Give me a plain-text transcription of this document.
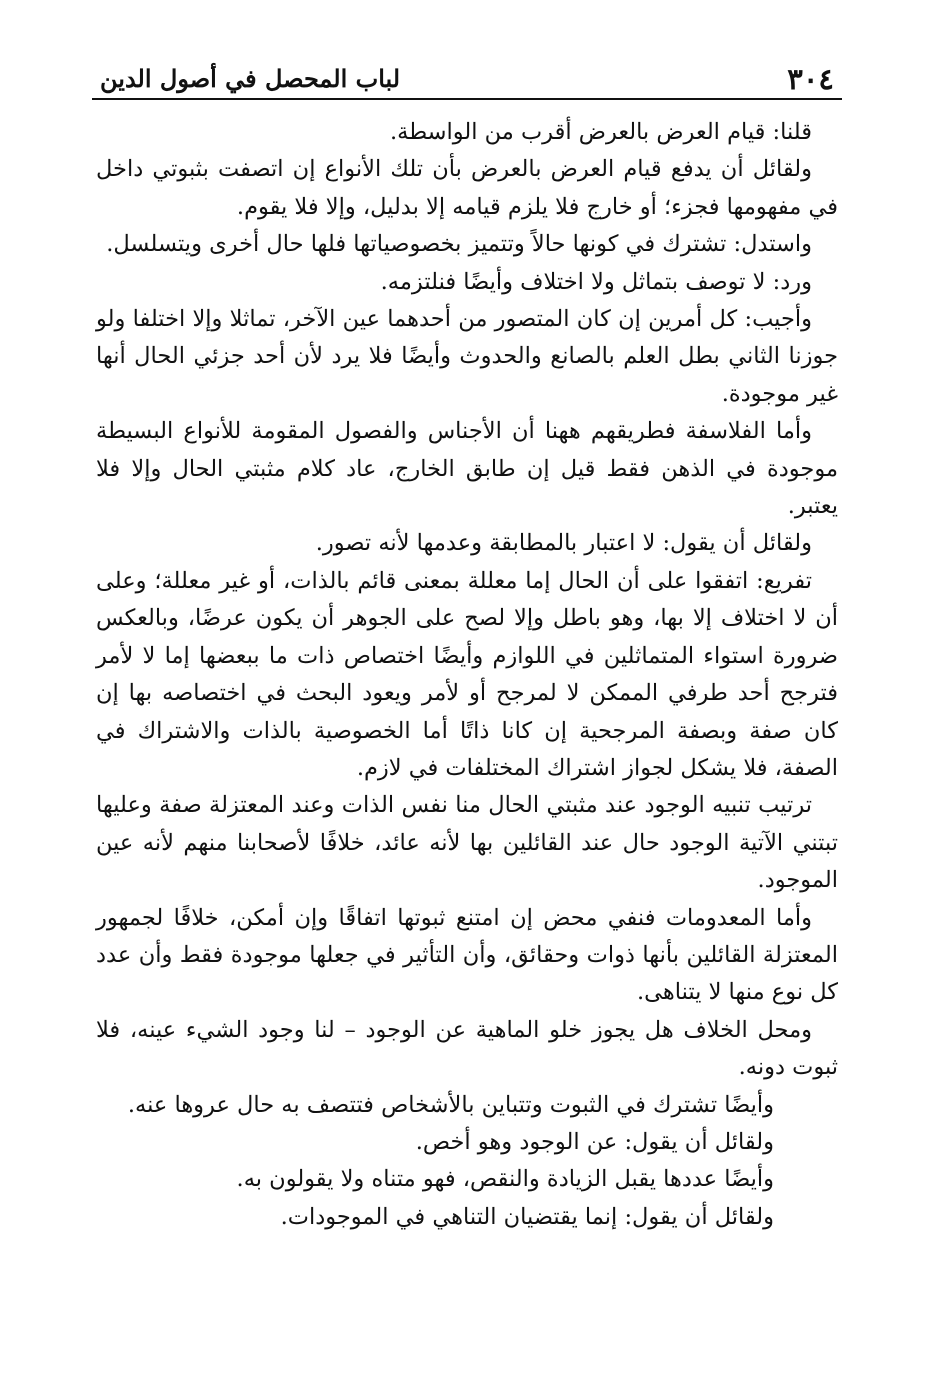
٣٠٤
لباب المحصل في أصول الدين

قلنا: قيام العرض بالعرض أقرب من الواسطة.

ولقائل أن يدفع قيام العرض بالعرض بأن تلك الأنواع إن اتصفت بثبوتي داخل في مفهومها فجزء؛ أو خارج فلا يلزم قيامه إلا بدليل، وإلا فلا يقوم.

واستدل: تشترك في كونها حالاً وتتميز بخصوصياتها فلها حال أخرى ويتسلسل.

ورد: لا توصف بتماثل ولا اختلاف وأيضًا فنلتزمه.

وأجيب: كل أمرين إن كان المتصور من أحدهما عين الآخر، تماثلا وإلا اختلفا ولو جوزنا الثاني بطل العلم بالصانع والحدوث وأيضًا فلا يرد لأن أحد جزئي الحال أنها غير موجودة.

وأما الفلاسفة فطريقهم ههنا أن الأجناس والفصول المقومة للأنواع البسيطة موجودة في الذهن فقط قيل إن طابق الخارج، عاد كلام مثبتي الحال وإلا فلا يعتبر.

ولقائل أن يقول: لا اعتبار بالمطابقة وعدمها لأنه تصور.

تفريع: اتفقوا على أن الحال إما معللة بمعنى قائم بالذات، أو غير معللة؛ وعلى أن لا اختلاف إلا بها، وهو باطل وإلا لصح على الجوهر أن يكون عرضًا، وبالعكس ضرورة استواء المتماثلين في اللوازم وأيضًا اختصاص ذات ما ببعضها إما لا لأمر فترجح أحد طرفي الممكن لا لمرجح أو لأمر ويعود البحث في اختصاصه بها إن كان صفة وبصفة المرجحية إن كانا ذاتًا أما الخصوصية بالذات والاشتراك في الصفة، فلا يشكل لجواز اشتراك المختلفات في لازم.

ترتيب تنبيه الوجود عند مثبتي الحال منا نفس الذات وعند المعتزلة صفة وعليها تبتني الآتية الوجود حال عند القائلين بها لأنه عائد، خلافًا لأصحابنا منهم لأنه عين الموجود.

وأما المعدومات فنفي محض إن امتنع ثبوتها اتفاقًا وإن أمكن، خلافًا لجمهور المعتزلة القائلين بأنها ذوات وحقائق، وأن التأثير في جعلها موجودة فقط وأن عدد كل نوع منها لا يتناهى.

ومحل الخلاف هل يجوز خلو الماهية عن الوجود – لنا وجود الشيء عينه، فلا ثبوت دونه.

وأيضًا تشترك في الثبوت وتتباين بالأشخاص فتتصف به حال عروها عنه.

ولقائل أن يقول: عن الوجود وهو أخص.

وأيضًا عددها يقبل الزيادة والنقص، فهو متناه ولا يقولون به.

ولقائل أن يقول: إنما يقتضيان التناهي في الموجودات.
